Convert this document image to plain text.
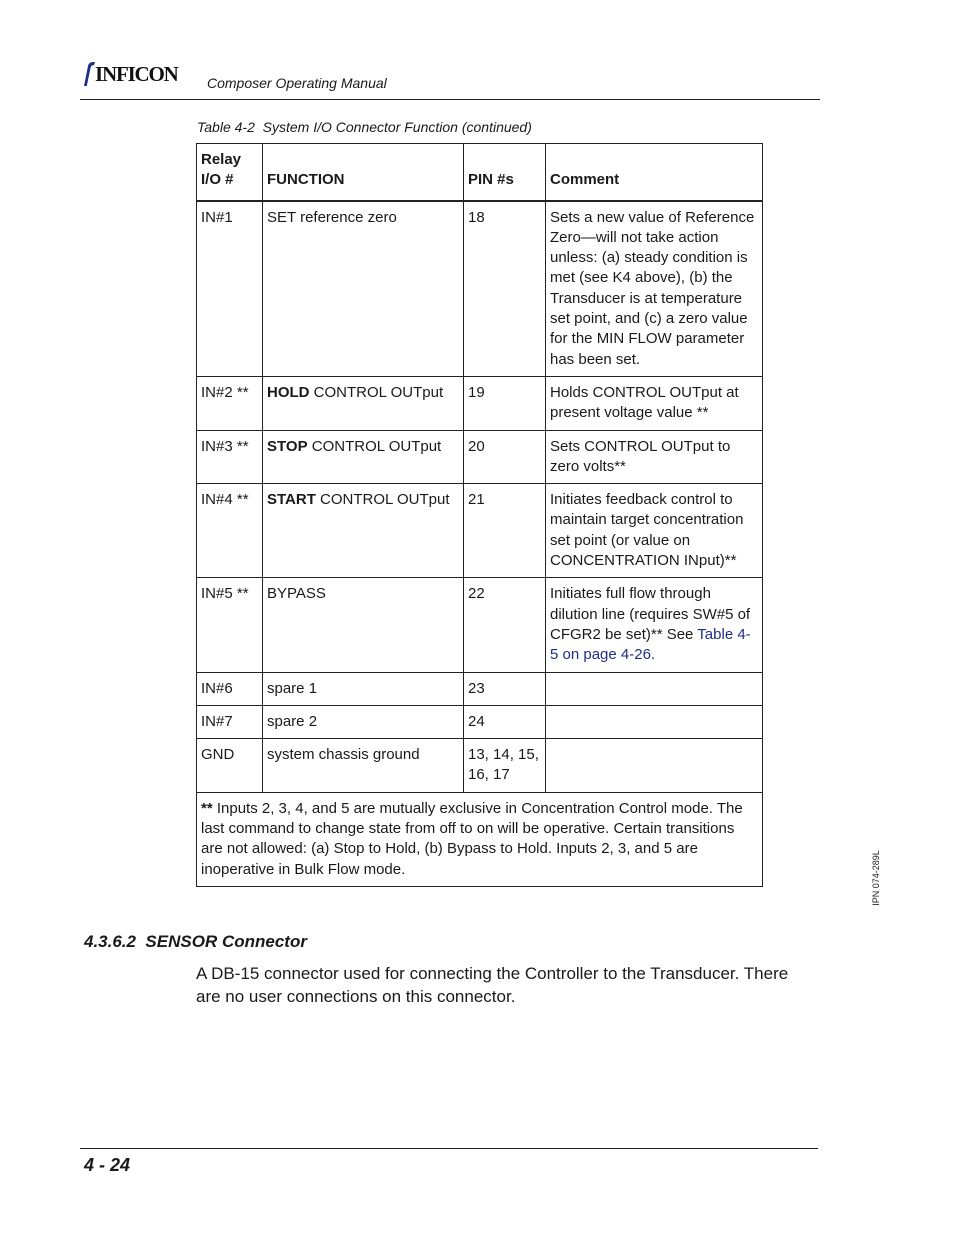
INFICON Composer Operating Manual
Table 4-2  System I/O Connector Function (continued)
Relay
I/O #	FUNCTION	PIN #s	Comment
IN#1	SET reference zero	18	Sets a new value of Reference Zero—will not take action unless: (a) steady condition is met (see K4 above), (b) the Transducer is at temperature set point, and (c) a zero value for the MIN FLOW parameter has been set.
IN#2 **	HOLD CONTROL OUTput	19	Holds CONTROL OUTput at present voltage value **
IN#3 **	STOP CONTROL OUTput	20	Sets CONTROL OUTput to zero volts**
IN#4 **	START CONTROL OUTput	21	Initiates feedback control to maintain target concentration set point (or value on CONCENTRATION INput)**
IN#5 **	BYPASS	22	Initiates full flow through dilution line (requires SW#5 of CFGR2 be set)** See Table 4-5 on page 4-26.
IN#6	spare 1	23	
IN#7	spare 2	24	
GND	system chassis ground	13, 14, 15, 16, 17	
** Inputs 2, 3, 4, and 5 are mutually exclusive in Concentration Control mode. The last command to change state from off to on will be operative. Certain transitions are not allowed: (a) Stop to Hold, (b) Bypass to Hold. Inputs 2, 3, and 5 are inoperative in Bulk Flow mode.			
4.3.6.2  SENSOR Connector
A DB-15 connector used for connecting the Controller to the Transducer. There are no user connections on this connector.
IPN 074-289L
4 - 24
